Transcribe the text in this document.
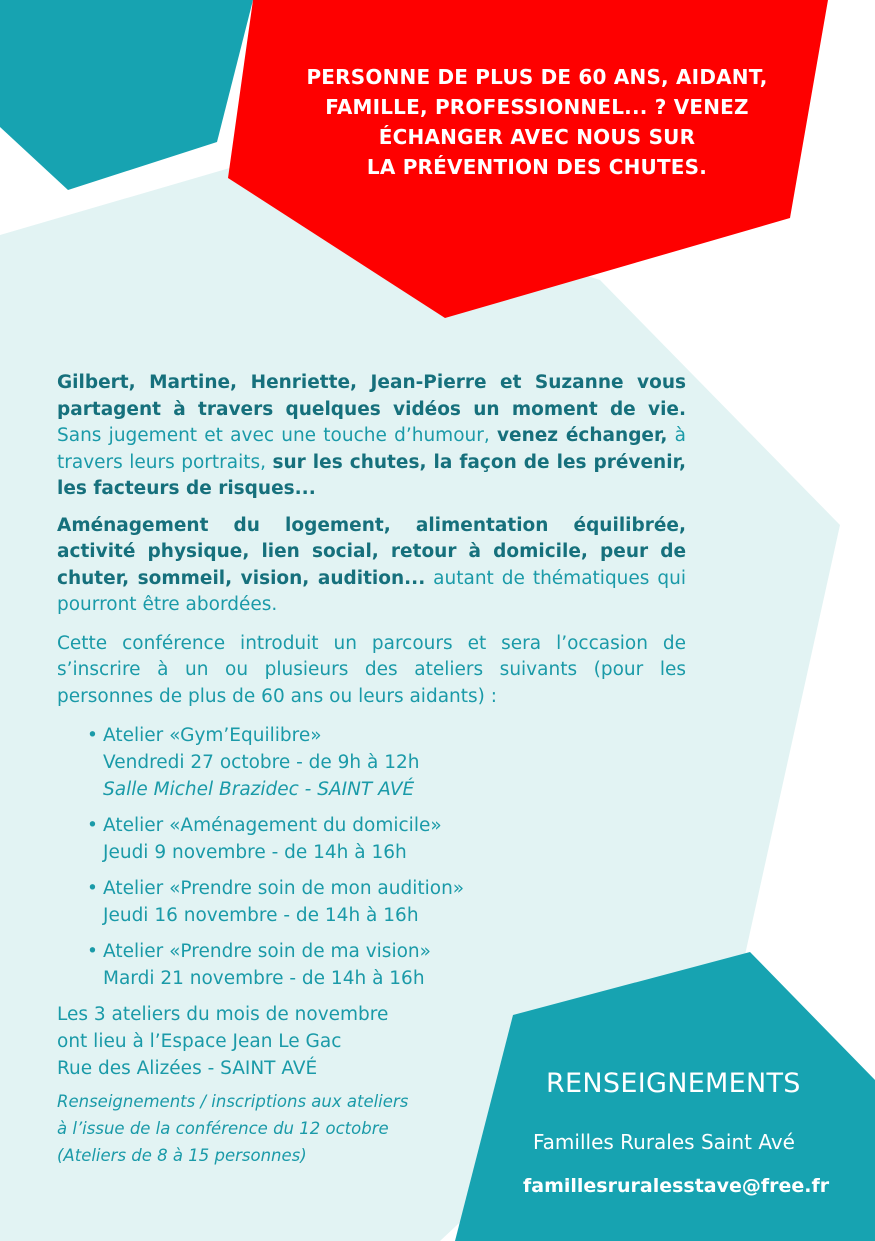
PERSONNE DE PLUS DE 60 ANS, AIDANT,
FAMILLE, PROFESSIONNEL... ? VENEZ
ÉCHANGER AVEC NOUS SUR
LA PRÉVENTION DES CHUTES.

Gilbert, Martine, Henriette, Jean-Pierre et Suzanne vous partagent à travers quelques vidéos un moment de vie. Sans jugement et avec une touche d’humour, venez échanger, à travers leurs portraits, sur les chutes, la façon de les prévenir, les facteurs de risques...

Aménagement du logement, alimentation équilibrée, activité physique, lien social, retour à domicile, peur de chuter, sommeil, vision, audition... autant de thématiques qui pourront être abordées.

Cette conférence introduit un parcours et sera l’occasion de s’inscrire à un ou plusieurs des ateliers suivants (pour les personnes de plus de 60 ans ou leurs aidants) :

• Atelier «Gym’Equilibre»
Vendredi 27 octobre - de 9h à 12h
Salle Michel Brazidec - SAINT AVÉ
• Atelier «Aménagement du domicile»
Jeudi 9 novembre - de 14h à 16h
• Atelier «Prendre soin de mon audition»
Jeudi 16 novembre - de 14h à 16h
• Atelier «Prendre soin de ma vision»
Mardi 21 novembre - de 14h à 16h
Les 3 ateliers du mois de novembre
ont lieu à l’Espace Jean Le Gac
Rue des Alizées - SAINT AVÉ
Renseignements / inscriptions aux ateliers
à l’issue de la conférence du 12 octobre
(Ateliers de 8 à 15 personnes)
RENSEIGNEMENTS
Familles Rurales Saint Avé
famillesruralesstave@free.fr
